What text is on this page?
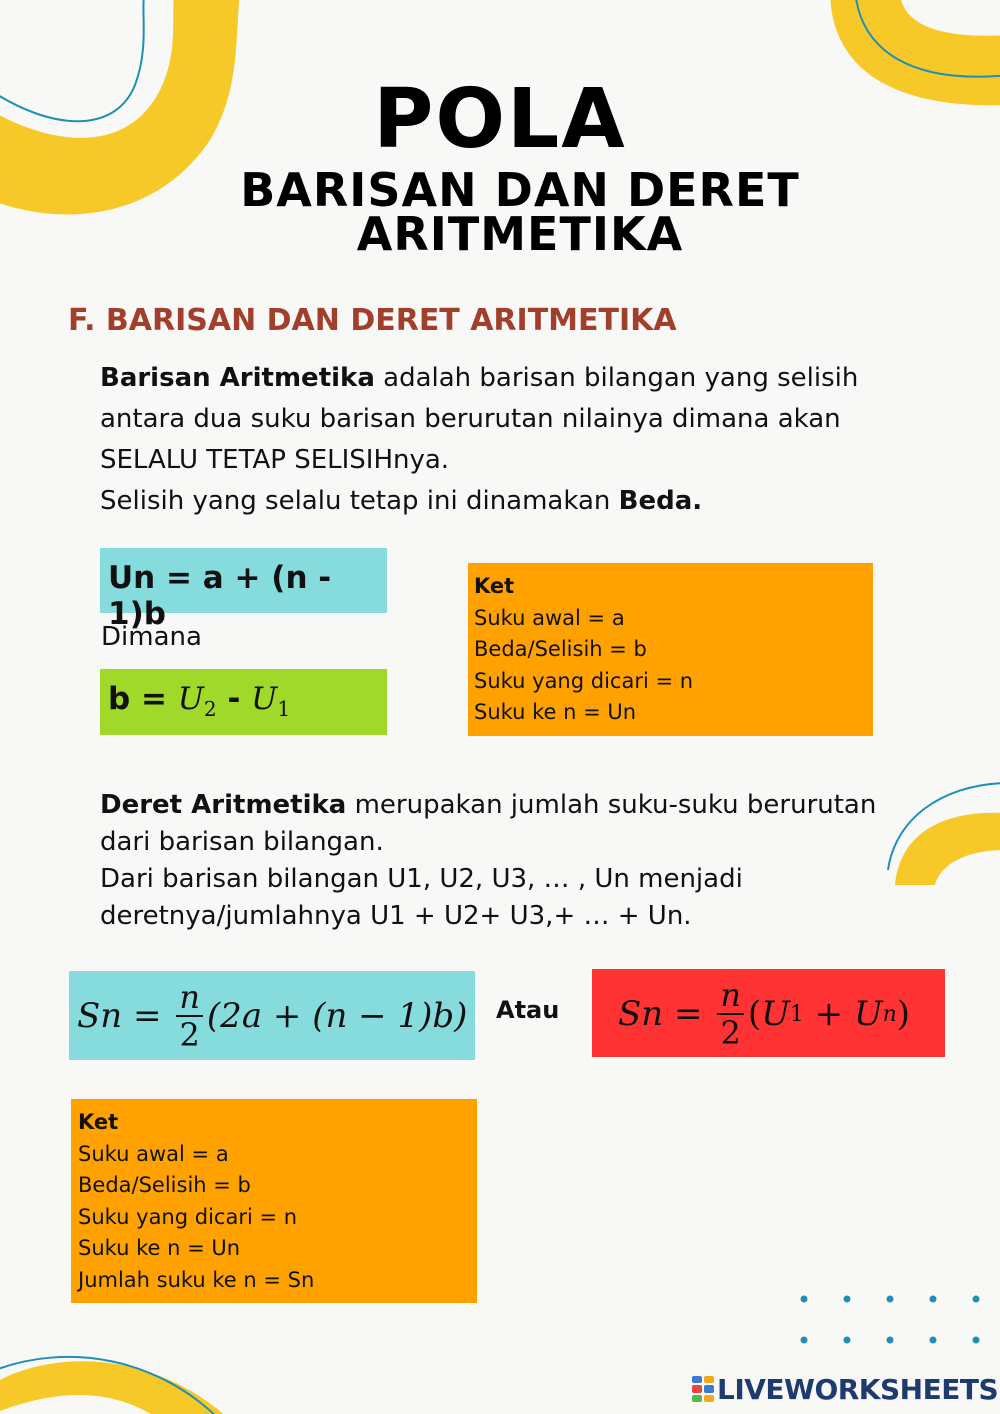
POLA
BARISAN DAN DERET ARITMETIKA
F. BARISAN DAN DERET ARITMETIKA

Barisan Aritmetika adalah barisan bilangan yang selisih antara dua suku barisan berurutan nilainya dimana akan SELALU TETAP SELISIHnya.

Selisih yang selalu tetap ini dinamakan Beda.

Un = a + (n - 1)b
Dimana
$b = U_2 - U_1$
Ket
Suku awal = a
Beda/Selisih = b
Suku yang dicari = n
Suku ke n = Un

Deret Aritmetika merupakan jumlah suku-suku berurutan dari barisan bilangan.

Dari barisan bilangan U1, U2, U3, … , Un menjadi deretnya/jumlahnya U1 + U2+ U3,+ … + Un.

$Sn = \frac{n}{2} (2a + (n - 1)b)$ Atau $Sn = \frac{n}{2}$ ( U 1 + U n )
Ket
Suku awal = a
Beda/Selisih = b
Suku yang dicari = n
Suku ke n = Un
Jumlah suku ke n = Sn
LIVEWORKSHEETS
